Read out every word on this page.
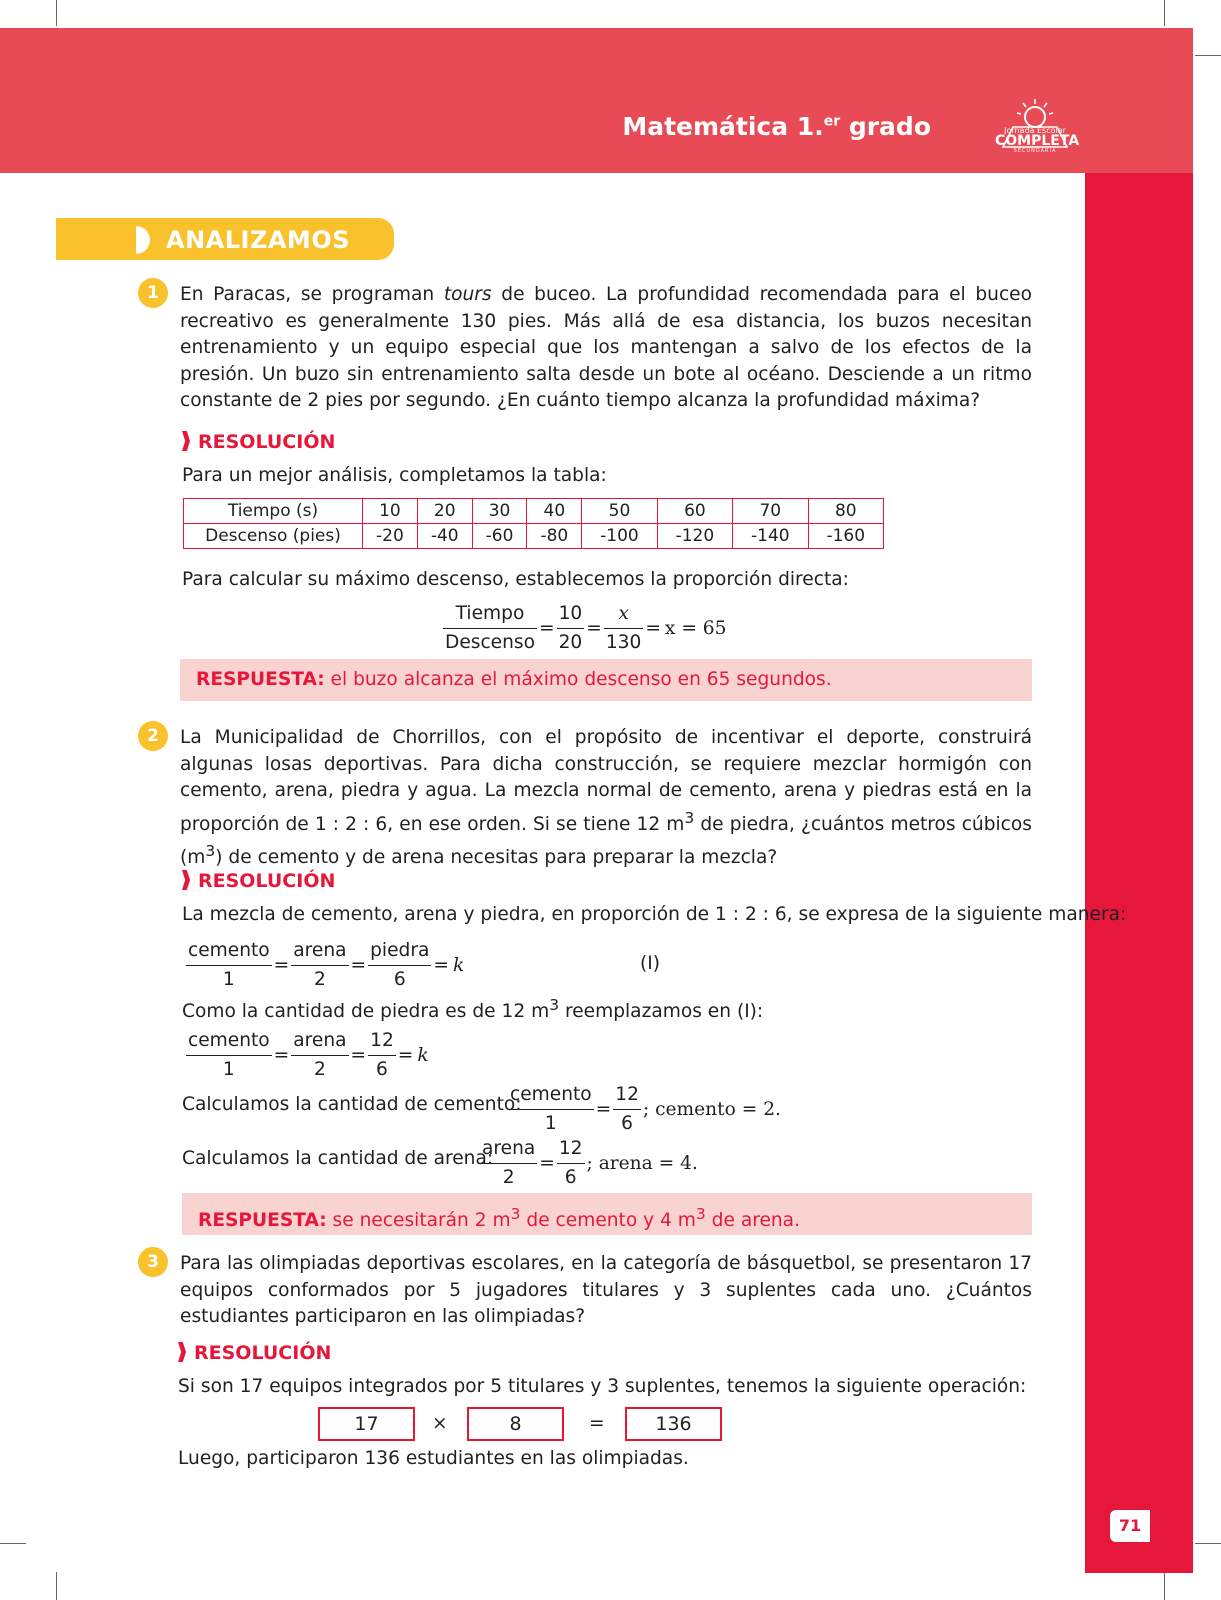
Matemática 1.$^{er}$ grado	Jornada Escolar
COMPLETA
SECUNDARIA
71
ANALIZAMOS
1	En Paracas, se programan tours de buceo. La profundidad recomendada para el buceo recreativo es generalmente 130 pies. Más allá de esa distancia, los buzos necesitan entrenamiento y un equipo especial que los mantengan a salvo de los efectos de la presión. Un buzo sin entrenamiento salta desde un bote al océano. Desciende a un ritmo constante de 2 pies por segundo. ¿En cuánto tiempo alcanza la profundidad máxima?
RESOLUCIÓN
Para un mejor análisis, completamos la tabla:
Tiempo (s)	10	20	30	40	50	60	70	80
Descenso (pies)	-20	-40	-60	-80	-100	-120	-140	-160
Para calcular su máximo descenso, establecemos la proporción directa:
$\frac{\text{Tiempo}}{\text{Descenso}} = \frac{10}{20} = \frac{x}{130} = x = 65$
RESPUESTA: el buzo alcanza el máximo descenso en 65 segundos.
2	La Municipalidad de Chorrillos, con el propósito de incentivar el deporte, construirá algunas losas deportivas. Para dicha construcción, se requiere mezclar hormigón con cemento, arena, piedra y agua. La mezcla normal de cemento, arena y piedras está en la proporción de 1 : 2 : 6, en ese orden. Si se tiene 12 $m^3$ de piedra, ¿cuántos metros cúbicos $(m^3)$ de cemento y de arena necesitas para preparar la mezcla?
RESOLUCIÓN
La mezcla de cemento, arena y piedra, en proporción de 1 : 2 : 6, se expresa de la siguiente manera:
$\frac{\text{cemento}}{1} = \frac{\text{arena}}{2} = \frac{\text{piedra}}{6} = k$	(I)
Como la cantidad de piedra es de 12 $m^3$ reemplazamos en (I):
$\frac{\text{cemento}}{1} = \frac{\text{arena}}{2} = \frac{12}{6} = k$
Calculamos la cantidad de cemento:
$\frac{\text{cemento}}{1} = \frac{12}{6}$ ; cemento = 2.
Calculamos la cantidad de arena:
$\frac{\text{arena}}{2} = \frac{12}{6}$ ; arena = 4.
RESPUESTA: se necesitarán 2 $m^3$ de cemento y 4 $m^3$ de arena.
3	Para las olimpiadas deportivas escolares, en la categoría de básquetbol, se presentaron 17 equipos conformados por 5 jugadores titulares y 3 suplentes cada uno. ¿Cuántos estudiantes participaron en las olimpiadas?
RESOLUCIÓN
Si son 17 equipos integrados por 5 titulares y 3 suplentes, tenemos la siguiente operación:
17	×	8	=	136
Luego, participaron 136 estudiantes en las olimpiadas.
